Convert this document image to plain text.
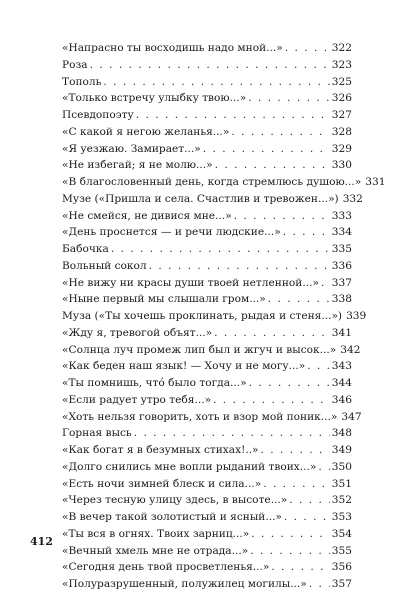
«Напрасно ты восходишь надо мной...» . . .	322
Роза . . .	323
Тополь . . .	325
«Только встречу улыбку твою...» . . .	326
Псевдопоэту . . .	327
«С какой я негою желанья...» . . .	328
«Я уезжаю. Замирает...» . . .	329
«Не избегай; я не молю...» . . .	330
«В благословенный день, когда стремлюсь душою...» 331
Музе («Пришла и села. Счастлив и тревожен...») 332
«Не смейся, не дивися мне...» . . .	333
«День проснется — и речи людские...» . . .	334
Бабочка . . .	335
Вольный сокол . . .	336
«Не вижу ни красы души твоей нетленной...» . . . 337
«Ныне первый мы слышали гром...» . . .	338
Муза («Ты хочешь проклинать, рыдая и стеня...») 339
«Жду я, тревогой объят...» . . .	341
«Солнца луч промеж лип был и жгуч и высок...» 342
«Как беден наш язык! — Хочу и не могу...» . . .	343
«Ты помнишь, что́ было тогда...» . . .	344
«Если радует утро тебя...» . . .	346
«Хоть нельзя говорить, хоть и взор мой поник...» 347
Горная высь . . .	348
«Как богат я в безумных стихах!..» . . .	349
«Долго снились мне вопли рыданий твоих...» . . . 350
«Есть ночи зимней блеск и сила...» . . .	351
«Через тесную улицу здесь, в высоте...» . . .	352
«В вечер такой золотистый и ясный...» . . .	353
«Ты вся в огнях. Твоих зарниц...» . . .	354
«Вечный хмель мне не отрада...» . . .	355
«Сегодня день твой просветленья...» . . .	356
«Полуразрушенный, полужилец могилы...» . . . 357
412
